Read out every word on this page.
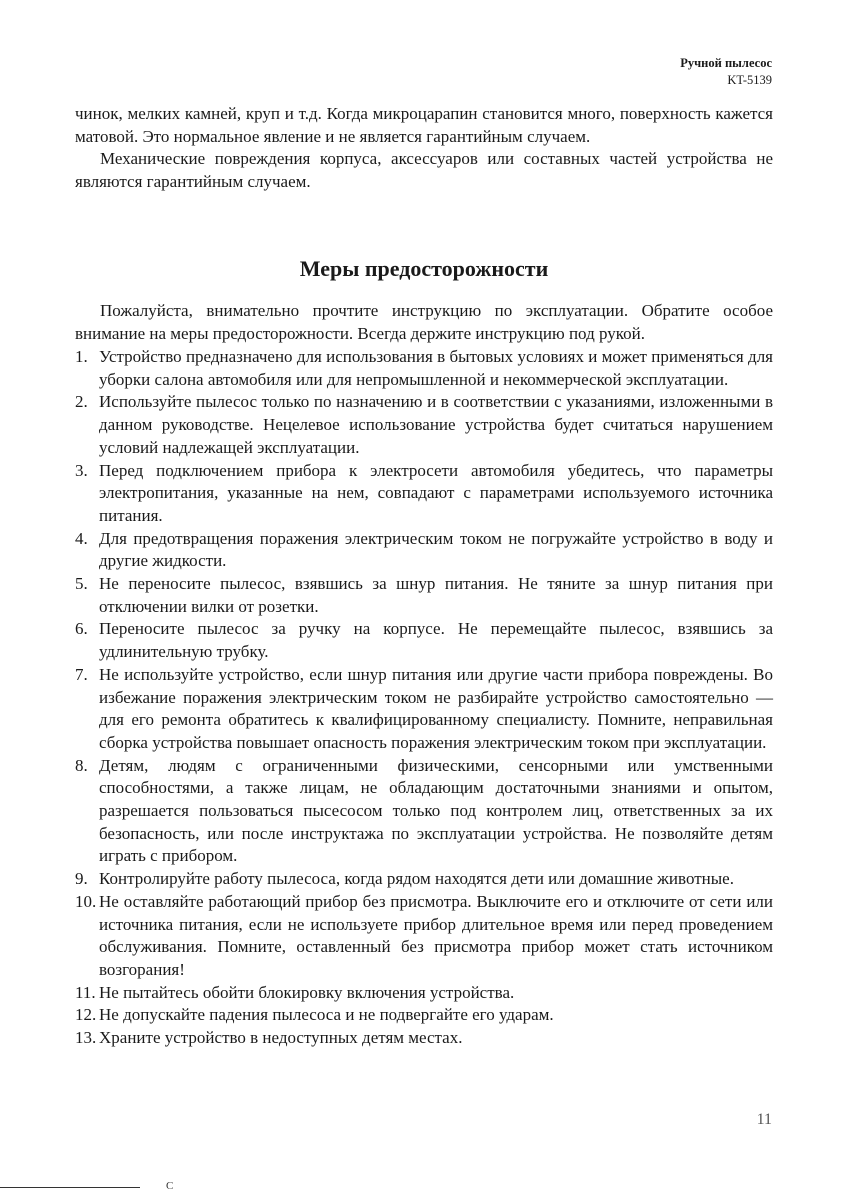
Ручной пылесос
KT-5139

чинок, мелких камней, круп и т.д. Когда микроцарапин становится много, поверхность кажется матовой. Это нормальное явление и не является гарантийным случаем.

Механические повреждения корпуса, аксессуаров или составных частей устройства не являются гарантийным случаем.

Меры предосторожности

Пожалуйста, внимательно прочтите инструкцию по эксплуатации. Обратите особое внимание на меры предосторожности. Всегда держите инструкцию под рукой.

1. Устройство предназначено для использования в бытовых условиях и может применяться для уборки салона автомобиля или для непромышленной и некоммерческой эксплуатации.
2. Используйте пылесос только по назначению и в соответствии с указаниями, изложенными в данном руководстве. Нецелевое использование устройства будет считаться нарушением условий надлежащей эксплуатации.
3. Перед подключением прибора к электросети автомобиля убедитесь, что параметры электропитания, указанные на нем, совпадают с параметрами используемого источника питания.
4. Для предотвращения поражения электрическим током не погружайте устройство в воду и другие жидкости.
5. Не переносите пылесос, взявшись за шнур питания. Не тяните за шнур питания при отключении вилки от розетки.
6. Переносите пылесос за ручку на корпусе. Не перемещайте пылесос, взявшись за удлинительную трубку.
7. Не используйте устройство, если шнур питания или другие части прибора повреждены. Во избежание поражения электрическим током не разбирайте устройство самостоятельно — для его ремонта обратитесь к квалифицированному специалисту. Помните, неправильная сборка устройства повышает опасность поражения электрическим током при эксплуатации.
8. Детям, людям с ограниченными физическими, сенсорными или умственными способностями, а также лицам, не обладающим достаточными знаниями и опытом, разрешается пользоваться пысесосом только под контролем лиц, ответственных за их безопасность, или после инструктажа по эксплуатации устройства. Не позволяйте детям играть с прибором.
9. Контролируйте работу пылесоса, когда рядом находятся дети или домашние животные.
10. Не оставляйте работающий прибор без присмотра. Выключите его и отключите от сети или источника питания, если не используете прибор длительное время или перед проведением обслуживания. Помните, оставленный без присмотра прибор может стать источником возгорания!
11. Не пытайтесь обойти блокировку включения устройства.
12. Не допускайте падения пылесоса и не подвергайте его ударам.
13. Храните устройство в недоступных детям местах.
11
С
